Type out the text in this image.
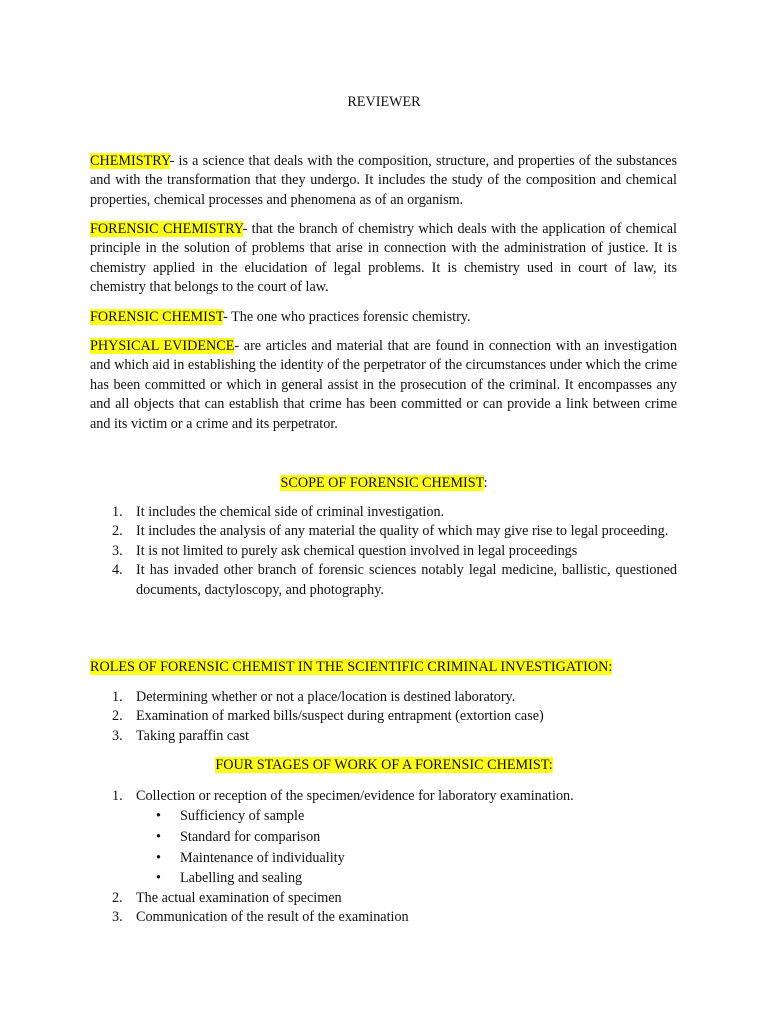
REVIEWER

CHEMISTRY- is a science that deals with the composition, structure, and properties of the substances and with the transformation that they undergo. It includes the study of the composition and chemical properties, chemical processes and phenomena as of an organism.

FORENSIC CHEMISTRY- that the branch of chemistry which deals with the application of chemical principle in the solution of problems that arise in connection with the administration of justice. It is chemistry applied in the elucidation of legal problems. It is chemistry used in court of law, its chemistry that belongs to the court of law.

FORENSIC CHEMIST- The one who practices forensic chemistry.

PHYSICAL EVIDENCE- are articles and material that are found in connection with an investigation and which aid in establishing the identity of the perpetrator of the circumstances under which the crime has been committed or which in general assist in the prosecution of the criminal. It encompasses any and all objects that can establish that crime has been committed or can provide a link between crime and its victim or a crime and its perpetrator.

SCOPE OF FORENSIC CHEMIST:
1. It includes the chemical side of criminal investigation.
2. It includes the analysis of any material the quality of which may give rise to legal proceeding.
3. It is not limited to purely ask chemical question involved in legal proceedings
4. It has invaded other branch of forensic sciences notably legal medicine, ballistic, questioned documents, dactyloscopy, and photography.
ROLES OF FORENSIC CHEMIST IN THE SCIENTIFIC CRIMINAL INVESTIGATION:
1. Determining whether or not a place/location is destined laboratory.
2. Examination of marked bills/suspect during entrapment (extortion case)
3. Taking paraffin cast
FOUR STAGES OF WORK OF A FORENSIC CHEMIST:
1. Collection or reception of the specimen/evidence for laboratory examination.
• Sufficiency of sample
• Standard for comparison
• Maintenance of individuality
• Labelling and sealing
2. The actual examination of specimen
3. Communication of the result of the examination
